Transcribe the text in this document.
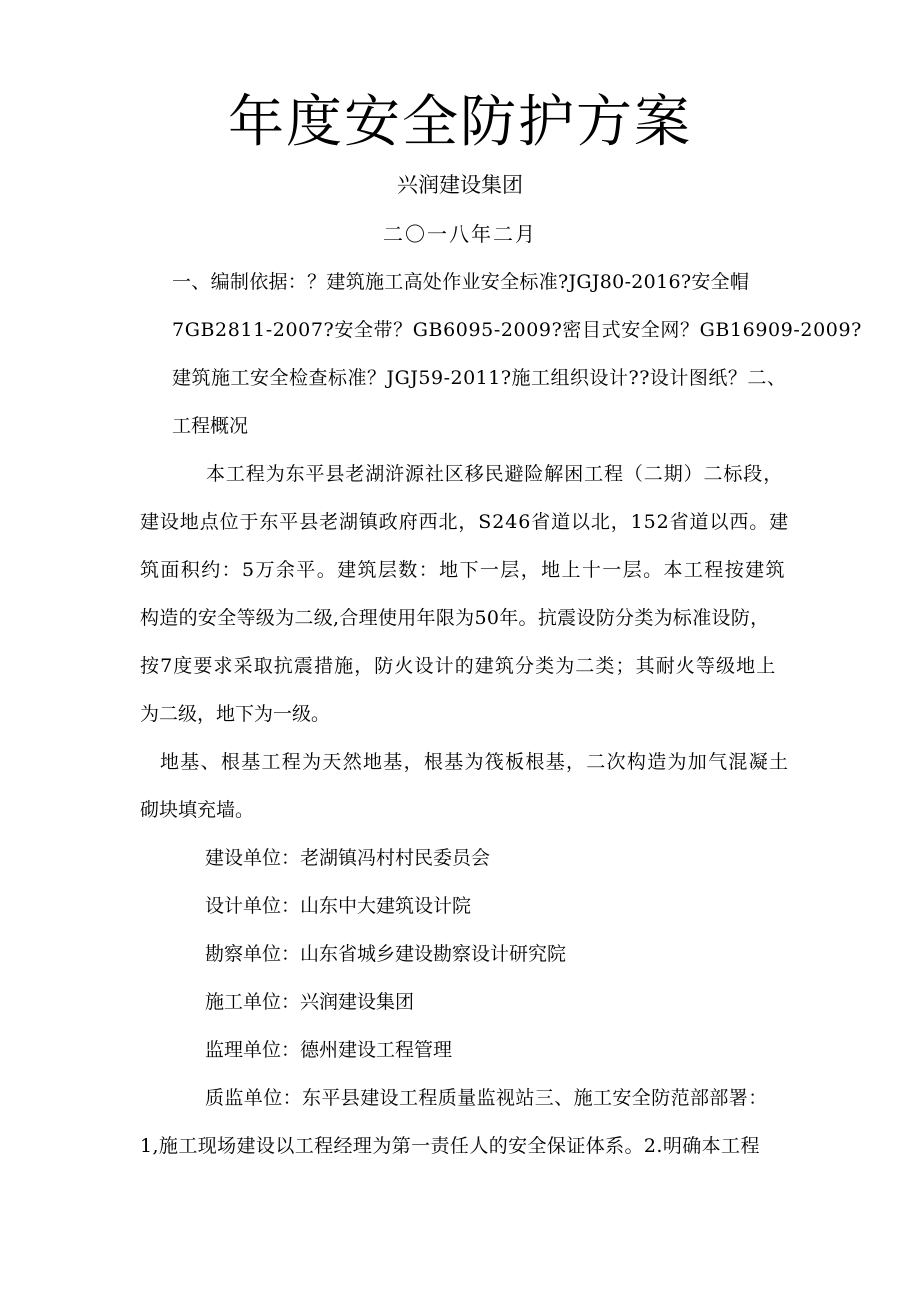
年度安全防护方案
兴润建设集团
二〇一八年二月
一、编制依据：？建筑施工高处作业安全标准?JGJ80-2016?安全帽
7GB2811-2007?安全带？GB6095-2009?密目式安全网？GB16909-2009?
建筑施工安全检查标准？JGJ59-2011?施工组织设计??设计图纸？二、
工程概况
本工程为东平县老湖浒源社区移民避险解困工程（二期）二标段，
建设地点位于东平县老湖镇政府西北，S246省道以北，152省道以西。建
筑面积约：5万余平。建筑层数：地下一层，地上十一层。本工程按建筑
构造的安全等级为二级,合理使用年限为50年。抗震设防分类为标准设防，
按7度要求采取抗震措施，防火设计的建筑分类为二类；其耐火等级地上
为二级，地下为一级。
地基、根基工程为天然地基，根基为筏板根基，二次构造为加气混凝土
砌块填充墙。
建设单位：老湖镇冯村村民委员会
设计单位：山东中大建筑设计院
勘察单位：山东省城乡建设勘察设计研究院
施工单位：兴润建设集团
监理单位：德州建设工程管理
质监单位：东平县建设工程质量监视站三、施工安全防范部部署：
1,施工现场建设以工程经理为第一责任人的安全保证体系。2.明确本工程
